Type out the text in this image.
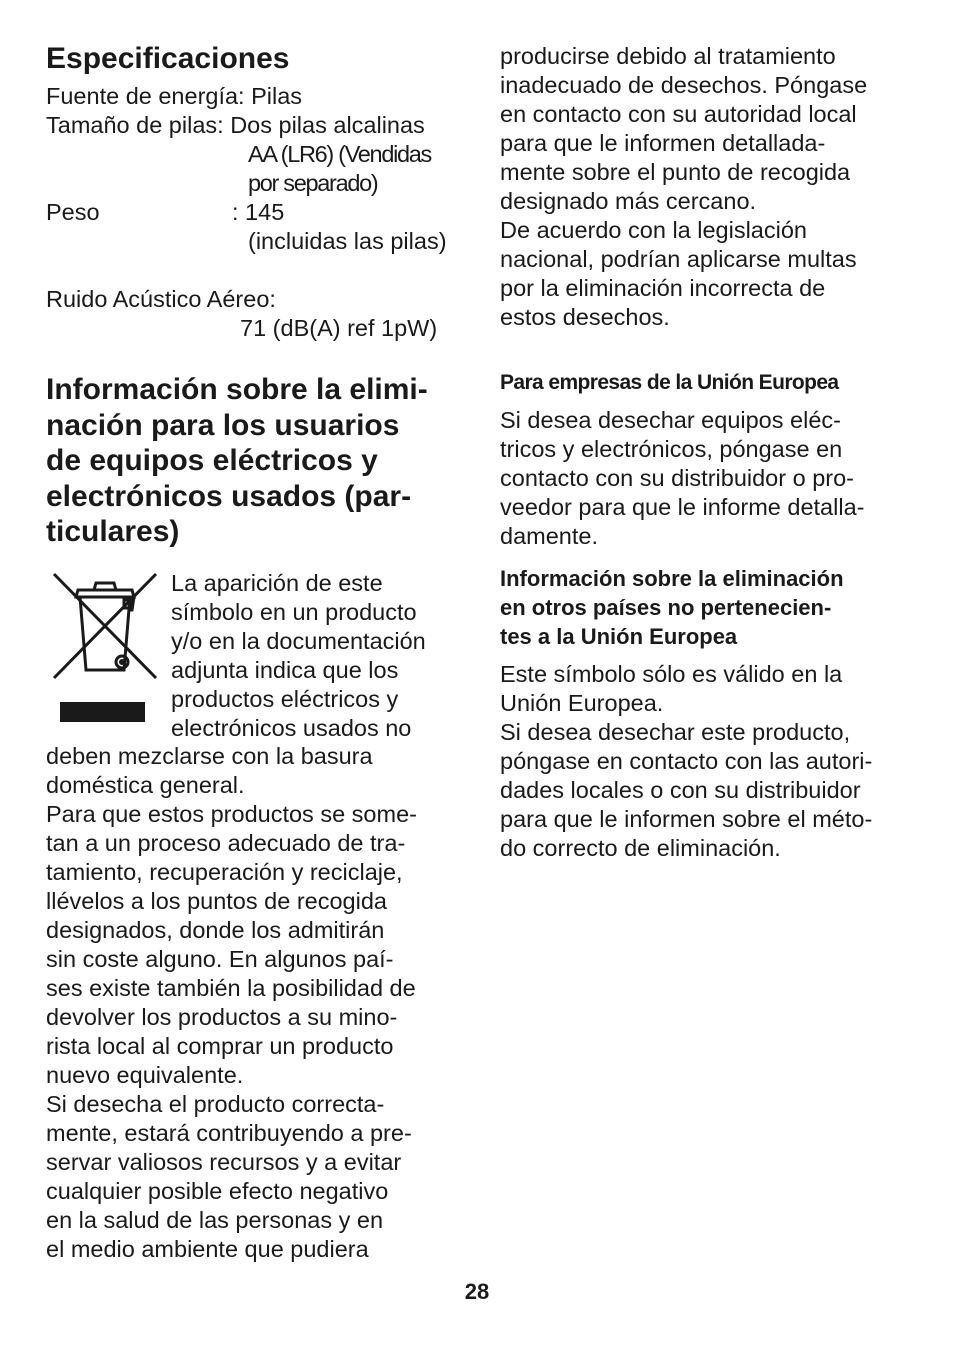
Especificaciones
Fuente de energía: Pilas
Tamaño de pilas: Dos pilas alcalinas
AA (LR6) (Vendidas
por separado)
Peso	: 145
(incluidas las pilas)
Ruido Acústico Aéreo:
71 (dB(A) ref 1pW)
Información sobre la elimi-
nación para los usuarios
de equipos eléctricos y
electrónicos usados (par-
ticulares)
La aparición de este
símbolo en un producto
y/o en la documentación
adjunta indica que los
productos eléctricos y
electrónicos usados no
deben mezclarse con la basura
doméstica general.
Para que estos productos se some-
tan a un proceso adecuado de tra-
tamiento, recuperación y reciclaje,
llévelos a los puntos de recogida
designados, donde los admitirán
sin coste alguno. En algunos paí-
ses existe también la posibilidad de
devolver los productos a su mino-
rista local al comprar un producto
nuevo equivalente.
Si desecha el producto correcta-
mente, estará contribuyendo a pre-
servar valiosos recursos y a evitar
cualquier posible efecto negativo
en la salud de las personas y en
el medio ambiente que pudiera
producirse debido al tratamiento
inadecuado de desechos. Póngase
en contacto con su autoridad local
para que le informen detallada-
mente sobre el punto de recogida
designado más cercano.
De acuerdo con la legislación
nacional, podrían aplicarse multas
por la eliminación incorrecta de
estos desechos.
Para empresas de la Unión Europea
Si desea desechar equipos eléc-
tricos y electrónicos, póngase en
contacto con su distribuidor o pro-
veedor para que le informe detalla-
damente.
Información sobre la eliminación
en otros países no pertenecien-
tes a la Unión Europea
Este símbolo sólo es válido en la
Unión Europea.
Si desea desechar este producto,
póngase en contacto con las autori-
dades locales o con su distribuidor
para que le informen sobre el méto-
do correcto de eliminación.
28
